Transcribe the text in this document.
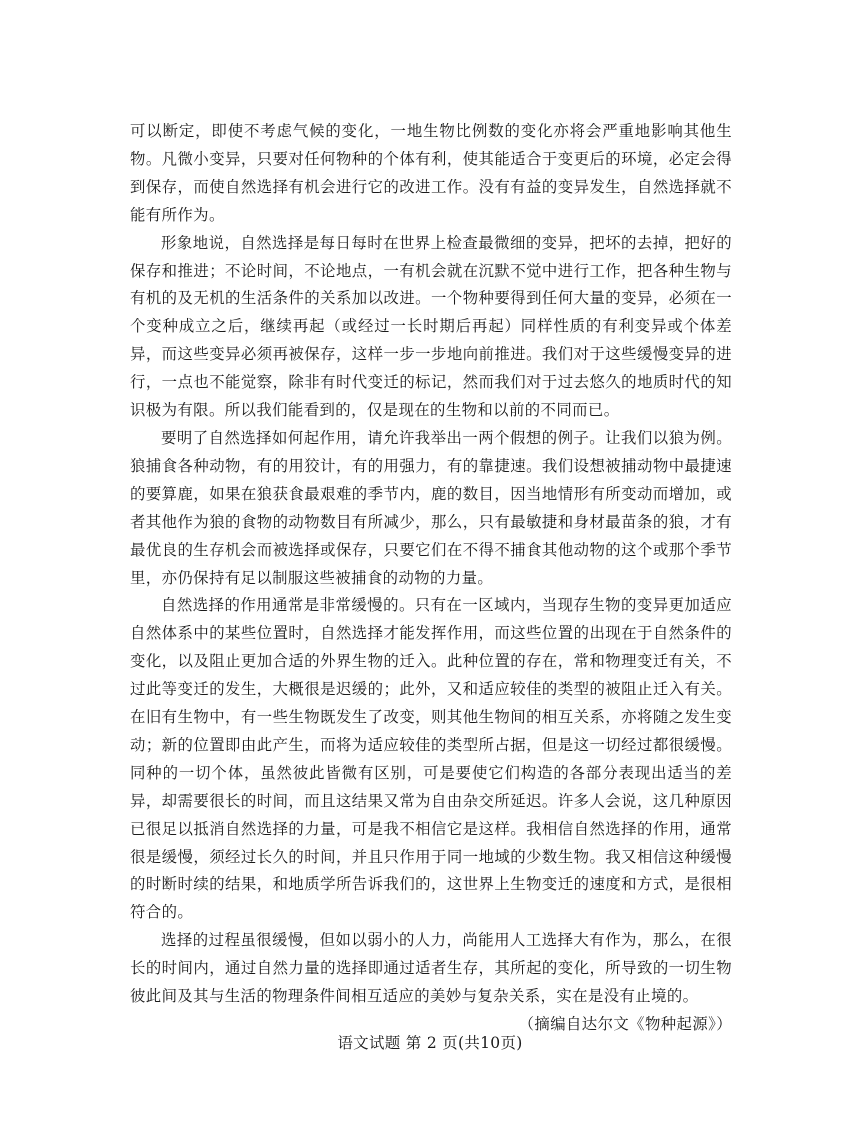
可以断定，即使不考虑气候的变化，一地生物比例数的变化亦将会严重地影响其他生物。凡微小变异，只要对任何物种的个体有利，使其能适合于变更后的环境，必定会得到保存，而使自然选择有机会进行它的改进工作。没有有益的变异发生，自然选择就不能有所作为。

形象地说，自然选择是每日每时在世界上检查最微细的变异，把坏的去掉，把好的保存和推进；不论时间，不论地点，一有机会就在沉默不觉中进行工作，把各种生物与有机的及无机的生活条件的关系加以改进。一个物种要得到任何大量的变异，必须在一个变种成立之后，继续再起（或经过一长时期后再起）同样性质的有利变异或个体差异，而这些变异必须再被保存，这样一步一步地向前推进。我们对于这些缓慢变异的进行，一点也不能觉察，除非有时代变迁的标记，然而我们对于过去悠久的地质时代的知识极为有限。所以我们能看到的，仅是现在的生物和以前的不同而已。

要明了自然选择如何起作用，请允许我举出一两个假想的例子。让我们以狼为例。狼捕食各种动物，有的用狡计，有的用强力，有的靠捷速。我们设想被捕动物中最捷速的要算鹿，如果在狼获食最艰难的季节内，鹿的数目，因当地情形有所变动而增加，或者其他作为狼的食物的动物数目有所减少，那么，只有最敏捷和身材最苗条的狼，才有最优良的生存机会而被选择或保存，只要它们在不得不捕食其他动物的这个或那个季节里，亦仍保持有足以制服这些被捕食的动物的力量。

自然选择的作用通常是非常缓慢的。只有在一区域内，当现存生物的变异更加适应自然体系中的某些位置时，自然选择才能发挥作用，而这些位置的出现在于自然条件的变化，以及阻止更加合适的外界生物的迁入。此种位置的存在，常和物理变迁有关，不过此等变迁的发生，大概很是迟缓的；此外，又和适应较佳的类型的被阻止迁入有关。在旧有生物中，有一些生物既发生了改变，则其他生物间的相互关系，亦将随之发生变动；新的位置即由此产生，而将为适应较佳的类型所占据，但是这一切经过都很缓慢。同种的一切个体，虽然彼此皆微有区别，可是要使它们构造的各部分表现出适当的差异，却需要很长的时间，而且这结果又常为自由杂交所延迟。许多人会说，这几种原因已很足以抵消自然选择的力量，可是我不相信它是这样。我相信自然选择的作用，通常很是缓慢，须经过长久的时间，并且只作用于同一地域的少数生物。我又相信这种缓慢的时断时续的结果，和地质学所告诉我们的，这世界上生物变迁的速度和方式，是很相符合的。

选择的过程虽很缓慢，但如以弱小的人力，尚能用人工选择大有作为，那么，在很长的时间内，通过自然力量的选择即通过适者生存，其所起的变化，所导致的一切生物彼此间及其与生活的物理条件间相互适应的美妙与复杂关系，实在是没有止境的。

（摘编自达尔文《物种起源》）

语文试题 第 2 页(共10页)
